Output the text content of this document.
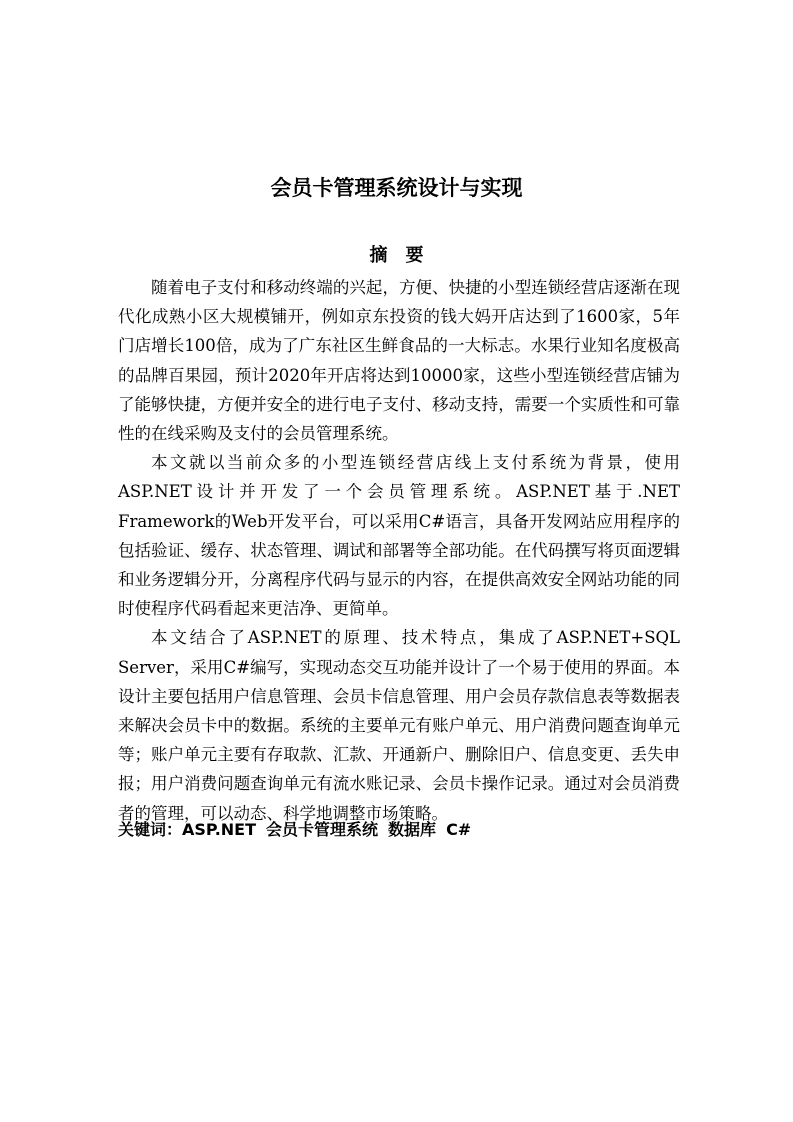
会员卡管理系统设计与实现
摘　要

随着电子支付和移动终端的兴起，方便、快捷的小型连锁经营店逐渐在现代化成熟小区大规模铺开，例如京东投资的钱大妈开店达到了1600家，5年门店增长100倍，成为了广东社区生鲜食品的一大标志。水果行业知名度极高的品牌百果园，预计2020年开店将达到10000家，这些小型连锁经营店铺为了能够快捷，方便并安全的进行电子支付、移动支持，需要一个实质性和可靠性的在线采购及支付的会员管理系统。

本文就以当前众多的小型连锁经营店线上支付系统为背景，使用ASP.NET设计并开发了一个会员管理系统。ASP.NET基于.NET Framework的Web开发平台，可以采用C#语言，具备开发网站应用程序的包括验证、缓存、状态管理、调试和部署等全部功能。在代码撰写将页面逻辑和业务逻辑分开，分离程序代码与显示的内容，在提供高效安全网站功能的同时使程序代码看起来更洁净、更简单。

本文结合了ASP.NET的原理、技术特点，集成了ASP.NET+SQL Server，采用C#编写，实现动态交互功能并设计了一个易于使用的界面。本设计主要包括用户信息管理、会员卡信息管理、用户会员存款信息表等数据表来解决会员卡中的数据。系统的主要单元有账户单元、用户消费问题查询单元等；账户单元主要有存取款、汇款、开通新户、删除旧户、信息变更、丢失申报；用户消费问题查询单元有流水账记录、会员卡操作记录。通过对会员消费者的管理，可以动态、科学地调整市场策略。

关键词：ASP.NET 会员卡管理系统 数据库 C#
